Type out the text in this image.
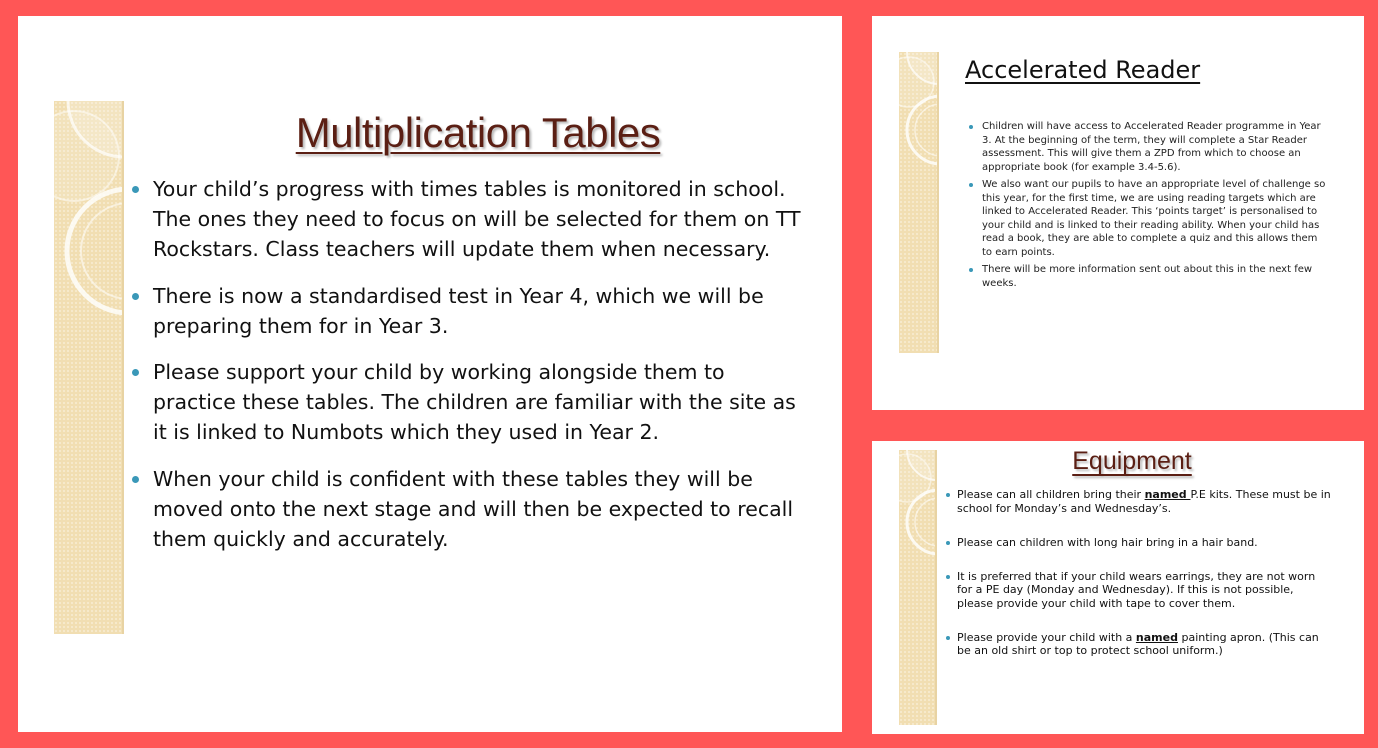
Multiplication Tables
Your child’s progress with times tables is monitored in school. The ones they need to focus on will be selected for them on TT Rockstars. Class teachers will update them when necessary.
There is now a standardised test in Year 4, which we will be preparing them for in Year 3.
Please support your child by working alongside them to practice these tables. The children are familiar with the site as it is linked to Numbots which they used in Year 2.
When your child is confident with these tables they will be moved onto the next stage and will then be expected to recall them quickly and accurately.
Accelerated Reader
Children will have access to Accelerated Reader programme in Year 3. At the beginning of the term, they will complete a Star Reader assessment. This will give them a ZPD from which to choose an appropriate book (for example 3.4-5.6).
We also want our pupils to have an appropriate level of challenge so this year, for the first time, we are using reading targets which are linked to Accelerated Reader. This ‘points target’ is personalised to your child and is linked to their reading ability. When your child has read a book, they are able to complete a quiz and this allows them to earn points.
There will be more information sent out about this in the next few weeks.
Equipment
Please can all children bring their named P.E kits. These must be in school for Monday’s and Wednesday’s.
Please can children with long hair bring in a hair band.
It is preferred that if your child wears earrings, they are not worn for a PE day (Monday and Wednesday). If this is not possible, please provide your child with tape to cover them.
Please provide your child with a named painting apron. (This can be an old shirt or top to protect school uniform.)
